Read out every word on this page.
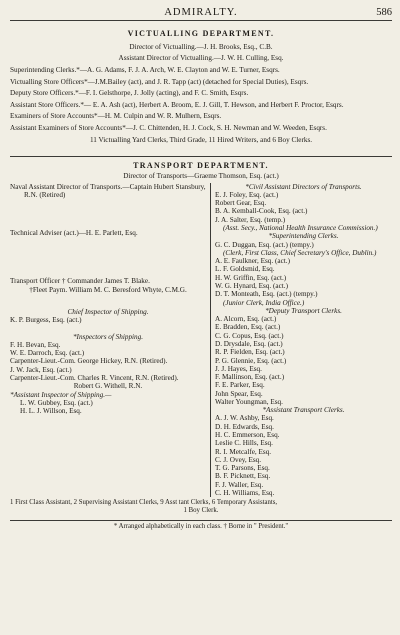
ADMIRALTY.	586
VICTUALLING DEPARTMENT.
Director of Victualling.—J. H. Brooks, Esq., C.B.
Assistant Director of Victualling.—J. W. H. Culling, Esq.
Superintending Clerks.*—A. G. Adams, F. J. A. Arch, W. E. Clayton and W. E. Turner, Esqrs.
Victualling Store Officers*—J.M.Bailey (act), and J. R. Tapp (act) (detached for Special Duties), Esqrs.
Deputy Store Officers.*—F. I. Gelsthorpe, J. Jolly (acting), and F. C. Smith, Esqrs.
Assistant Store Officers.*— E. A. Ash (act), Herbert A. Broom, E. J. Gill, T. Hewson, and Herbert F. Proctor, Esqrs.
Examiners of Store Accounts*—H. M. Culpin and W. R. Mulhern, Esqrs.
Assistant Examiners of Store Accounts*—J. C. Chittenden, H. J. Cock, S. H. Newman and W. Weeden, Esqrs.
11 Victualling Yard Clerks, Third Grade, 11 Hired Writers, and 6 Boy Clerks.
TRANSPORT DEPARTMENT.
Director of Transports—Graeme Thomson, Esq. (act.)
Naval Assistant Director of Transports.—Captain Hubert Stansbury, R.N. (Retired)
Technical Adviser (act.)—H. E. Parlett, Esq.
Transport Officer † Commander James T. Blake.
†Fleet Paym. William M. C. Beresford Whyte, C.M.G.
Chief Inspector of Shipping.
K. P. Burgess, Esq. (act.)
*Inspectors of Shipping.
F. H. Bevan, Esq.
W. E. Darroch, Esq. (act.)
Carpenter-Lieut.-Com. George Hickey, R.N. (Retired).
J. W. Jack, Esq. (act.)
Carpenter-Lieut.-Com. Charles R. Vincent, R.N. (Retired).
Robert G. Withell, R.N.
*Assistant Inspector of Shipping.—
L. W. Gubbey, Esq. (act.)
H. L. J. Willson, Esq.
*Civil Assistant Directors of Transports.
E. J. Foley, Esq. (act.)
Robert Gear, Esq.
B. A. Kemball-Cook, Esq. (act.)
J. A. Salter, Esq. (temp.)
(Asst. Secy., National Health Insurance Commission.)
*Superintending Clerks.
G. C. Duggan, Esq. (act.) (tempy.)
(Clerk, First Class, Chief Secretary's Office, Dublin.)
A. E. Faulkner, Esq. (act.)
L. F. Goldsmid, Esq.
H. W. Griffin, Esq. (act.)
W. G. Hynard, Esq. (act.)
D. T. Monteath, Esq. (act.) (tempy.)
(Junior Clerk, India Office.)
*Deputy Transport Clerks.
A. Alcorn, Esq. (act.)
E. Bradden, Esq. (act.)
C. G. Copus, Esq. (act.)
D. Drysdale, Esq. (act.)
R. P. Fielden, Esq. (act.)
P. G. Glennie, Esq. (act.)
J. J. Hayes, Esq.
F. Mallinson, Esq. (act.)
F. E. Parker, Esq.
John Spear, Esq.
Walter Youngman, Esq.
*Assistant Transport Clerks.
A. J. W. Ashby, Esq.
D. H. Edwards, Esq.
H. C. Emmerson, Esq.
Leslie C. Hills, Esq.
R. I. Metcalfe, Esq.
C. J. Ovey, Esq.
T. G. Parsons, Esq.
B. F. Picknett, Esq.
F. J. Waller, Esq.
C. H. Williams, Esq.
1 First Class Assistant, 2 Supervising Assistant Clerks, 9 Asst tant Clerks, 6 Temporary Assistants,
1 Boy Clerk.
* Arranged alphabetically in each class. † Borne in " President."
